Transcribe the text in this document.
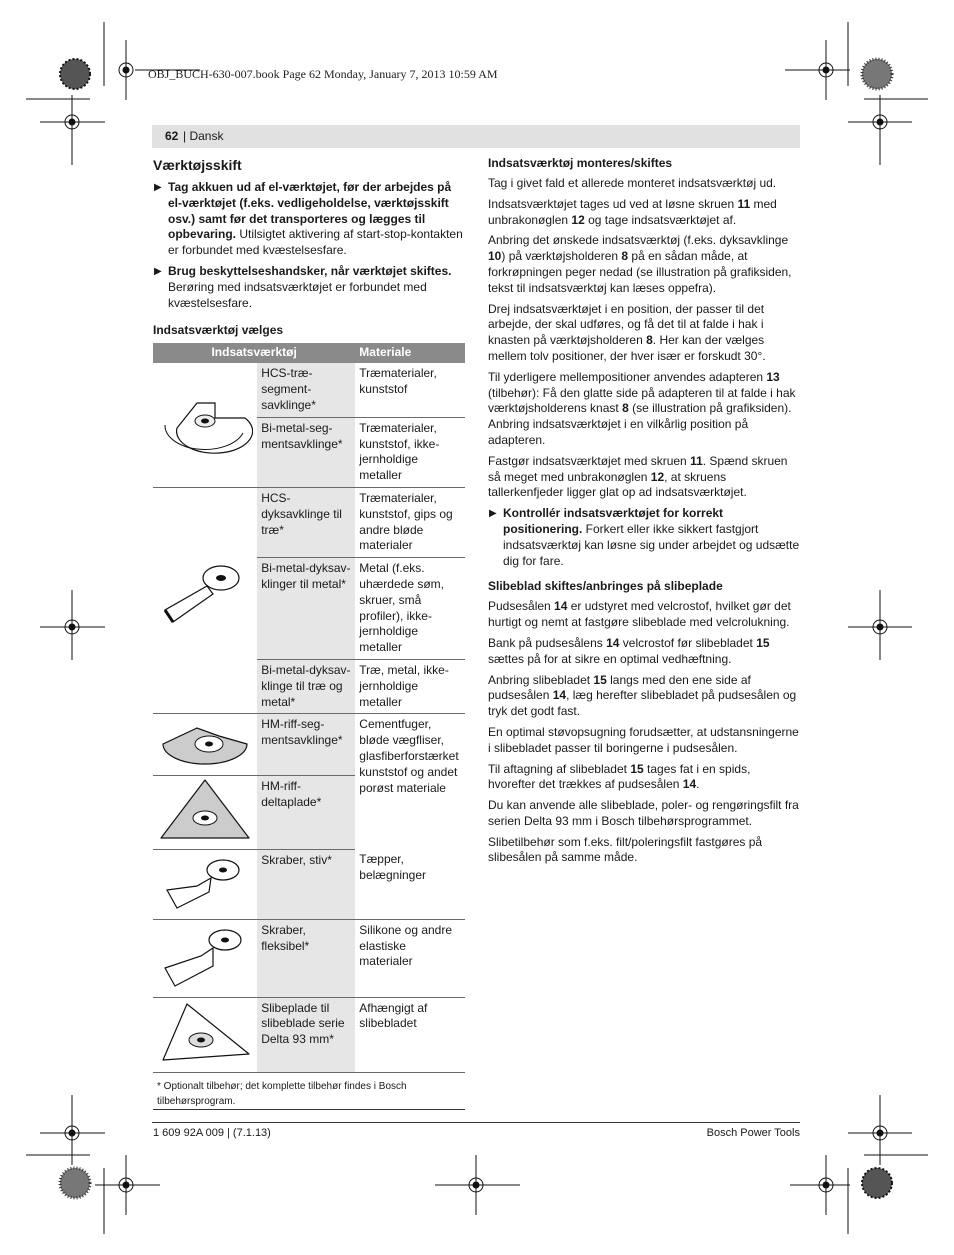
OBJ_BUCH-630-007.book Page 62 Monday, January 7, 2013 10:59 AM
62 | Dansk
Værktøjsskift
▶ Tag akkuen ud af el-værktøjet, før der arbejdes på el-værktøjet (f.eks. vedligeholdelse, værktøjsskift osv.) samt før det transporteres og lægges til opbevaring. Utilsigtet aktivering af start-stop-kontakten er forbundet med kvæstelsesfare.
▶ Brug beskyttelseshandsker, når værktøjet skiftes. Berøring med indsatsværktøjet er forbundet med kvæstelsesfare.
Indsatsværktøj vælges
Indsatsværktøj		Materiale
	HCS-træ-segment-savklinge*	Træmaterialer, kunststof
	Bi-metal-seg-mentsavklinge*	Træmaterialer, kunststof, ikke-jernholdige metaller
	HCS-dyksavklinge til træ*	Træmaterialer, kunststof, gips og andre bløde materialer
	Bi-metal-dyksav-klinger til metal*	Metal (f.eks. uhærdede søm, skruer, små profiler), ikke-jernholdige metaller
	Bi-metal-dyksav-klinge til træ og metal*	Træ, metal, ikke-jernholdige metaller
	HM-riff-seg-mentsavklinge*	Cementfuger, bløde vægfliser, glasfiberforstærket kunststof og andet porøst materiale
	HM-riff-deltaplade*	
	Skraber, stiv*	Tæpper, belægninger
	Skraber, fleksibel*	Silikone og andre elastiske materialer
	Slibeplade til slibeblade serie Delta 93 mm*	Afhængigt af slibebladet

* Optionalt tilbehør; det komplette tilbehør findes i Bosch tilbehørsprogram.		
Indsatsværktøj monteres/skiftes

Tag i givet fald et allerede monteret indsatsværktøj ud.

Indsatsværktøjet tages ud ved at løsne skruen 11 med unbrakonøglen 12 og tage indsatsværktøjet af.

Anbring det ønskede indsatsværktøj (f.eks. dyksavklinge 10) på værktøjsholderen 8 på en sådan måde, at forkrøpningen peger nedad (se illustration på grafiksiden, tekst til indsatsværktøj kan læses oppefra).

Drej indsatsværktøjet i en position, der passer til det arbejde, der skal udføres, og få det til at falde i hak i knasten på værktøjsholderen 8. Her kan der vælges mellem tolv positioner, der hver især er forskudt 30°.

Til yderligere mellempositioner anvendes adapteren 13 (tilbehør): Få den glatte side på adapteren til at falde i hak værktøjsholderens knast 8 (se illustration på grafiksiden). Anbring indsatsværktøjet i en vilkårlig position på adapteren.

Fastgør indsatsværktøjet med skruen 11. Spænd skruen så meget med unbrakonøglen 12, at skruens tallerkenfjeder ligger glat op ad indsatsværktøjet.

▶ Kontrollér indsatsværktøjet for korrekt positionering. Forkert eller ikke sikkert fastgjort indsatsværktøj kan løsne sig under arbejdet og udsætte dig for fare.
Slibeblad skiftes/anbringes på slibeplade

Pudsesålen 14 er udstyret med velcrostof, hvilket gør det hurtigt og nemt at fastgøre slibeblade med velcrolukning.

Bank på pudsesålens 14 velcrostof før slibebladet 15 sættes på for at sikre en optimal vedhæftning.

Anbring slibebladet 15 langs med den ene side af pudsesålen 14, læg herefter slibebladet på pudsesålen og tryk det godt fast.

En optimal støvopsugning forudsætter, at udstansningerne i slibebladet passer til boringerne i pudsesålen.

Til aftagning af slibebladet 15 tages fat i en spids, hvorefter det trækkes af pudsesålen 14.

Du kan anvende alle slibeblade, poler- og rengøringsfilt fra serien Delta 93 mm i Bosch tilbehørsprogrammet.

Slibetilbehør som f.eks. filt/poleringsfilt fastgøres på slibesålen på samme måde.

1 609 92A 009 | (7.1.13)	Bosch Power Tools
